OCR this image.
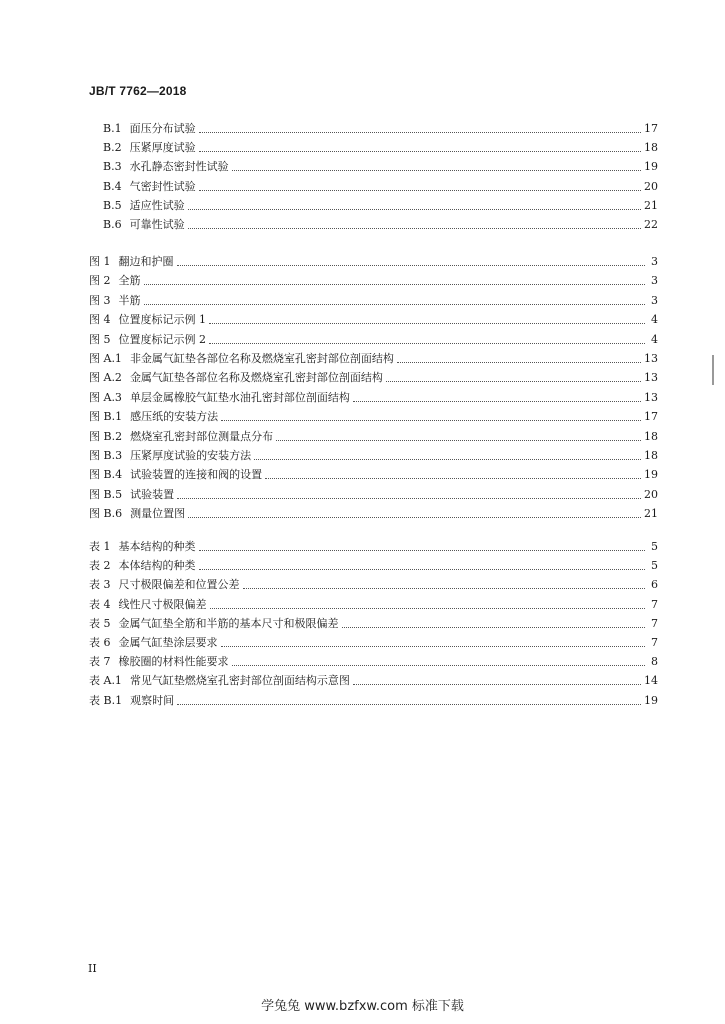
JB/T 7762—2018
B.1 面压分布试验	17
B.2 压紧厚度试验	18
B.3 水孔静态密封性试验	19
B.4 气密封性试验	20
B.5 适应性试验	21
B.6 可靠性试验	22
图 1 翻边和护圈	3
图 2 全筋	3
图 3 半筋	3
图 4 位置度标记示例 1	4
图 5 位置度标记示例 2	4
图 A.1 非金属气缸垫各部位名称及燃烧室孔密封部位剖面结构	13
图 A.2 金属气缸垫各部位名称及燃烧室孔密封部位剖面结构	13
图 A.3 单层金属橡胶气缸垫水油孔密封部位剖面结构	13
图 B.1 感压纸的安装方法	17
图 B.2 燃烧室孔密封部位测量点分布	18
图 B.3 压紧厚度试验的安装方法	18
图 B.4 试验装置的连接和阀的设置	19
图 B.5 试验装置	20
图 B.6 测量位置图	21
表 1 基本结构的种类	5
表 2 本体结构的种类	5
表 3 尺寸极限偏差和位置公差	6
表 4 线性尺寸极限偏差	7
表 5 金属气缸垫全筋和半筋的基本尺寸和极限偏差	7
表 6 金属气缸垫涂层要求	7
表 7 橡胶圈的材料性能要求	8
表 A.1 常见气缸垫燃烧室孔密封部位剖面结构示意图	14
表 B.1 观察时间	19
II
学兔兔 www.bzfxw.com 标准下载
